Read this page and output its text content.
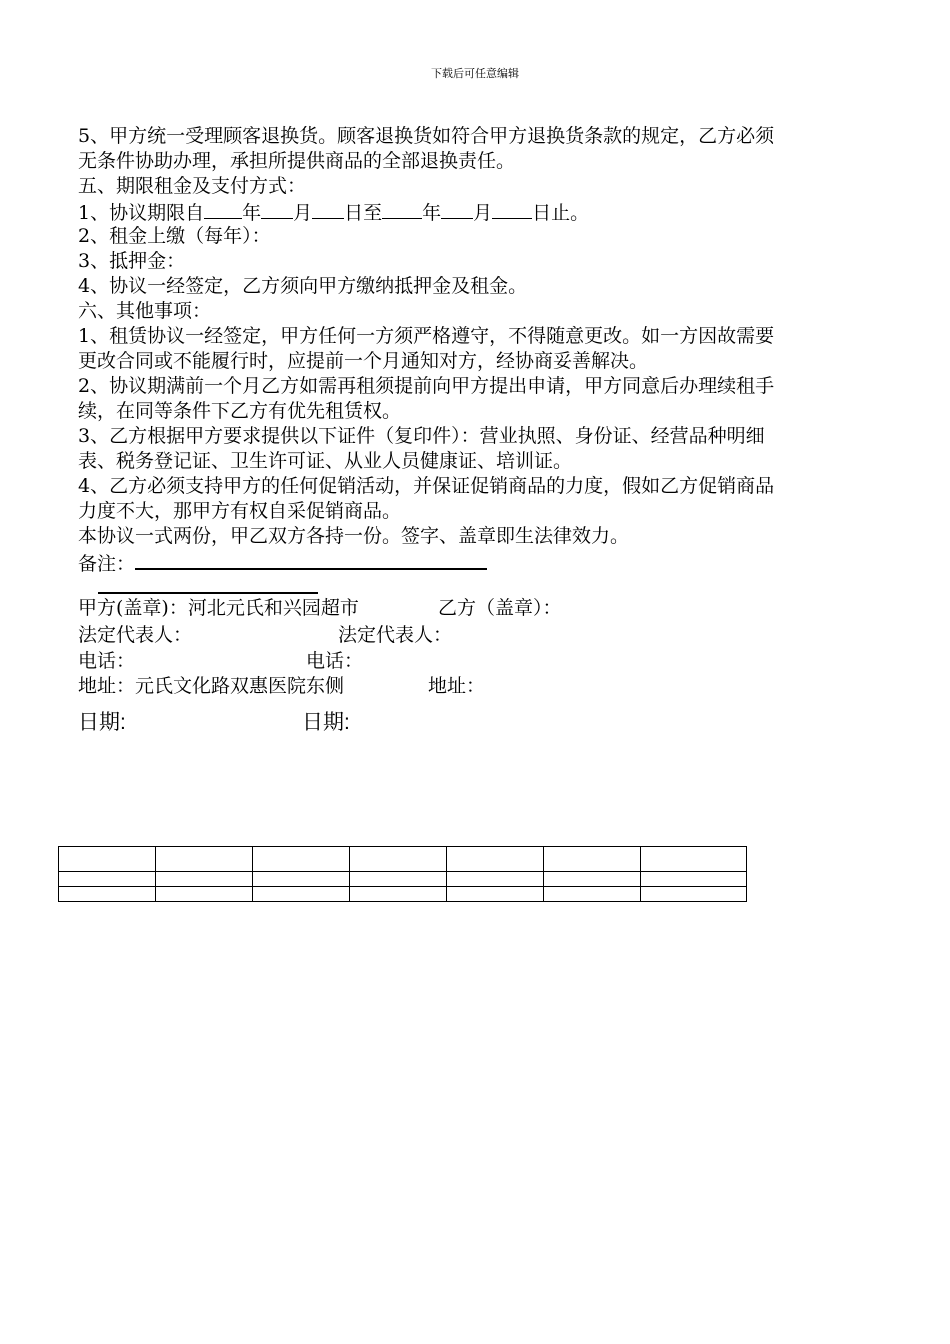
下载后可任意编辑
5、甲方统一受理顾客退换货。顾客退换货如符合甲方退换货条款的规定，乙方必须
无条件协助办理，承担所提供商品的全部退换责任。
五、期限租金及支付方式：
1、协议期限自 年 月 日至 年 月 日止。
2、租金上缴（每年）：
3、抵押金：
4、协议一经签定，乙方须向甲方缴纳抵押金及租金。
六、其他事项：
1、租赁协议一经签定，甲方任何一方须严格遵守，不得随意更改。如一方因故需要
更改合同或不能履行时，应提前一个月通知对方，经协商妥善解决。
2、协议期满前一个月乙方如需再租须提前向甲方提出申请，甲方同意后办理续租手
续，在同等条件下乙方有优先租赁权。
3、乙方根据甲方要求提供以下证件（复印件）：营业执照、身份证、经营品种明细
表、税务登记证、卫生许可证、从业人员健康证、培训证。
4、乙方必须支持甲方的任何促销活动，并保证促销商品的力度，假如乙方促销商品
力度不大，那甲方有权自采促销商品。
本协议一式两份，甲乙双方各持一份。签字、盖章即生法律效力。
备注：
甲方(盖章)：河北元氏和兴园超市	乙方（盖章）：
法定代表人：	法定代表人：
电话：	电话：
地址：元氏文化路双惠医院东侧	地址：
日期:	日期:
